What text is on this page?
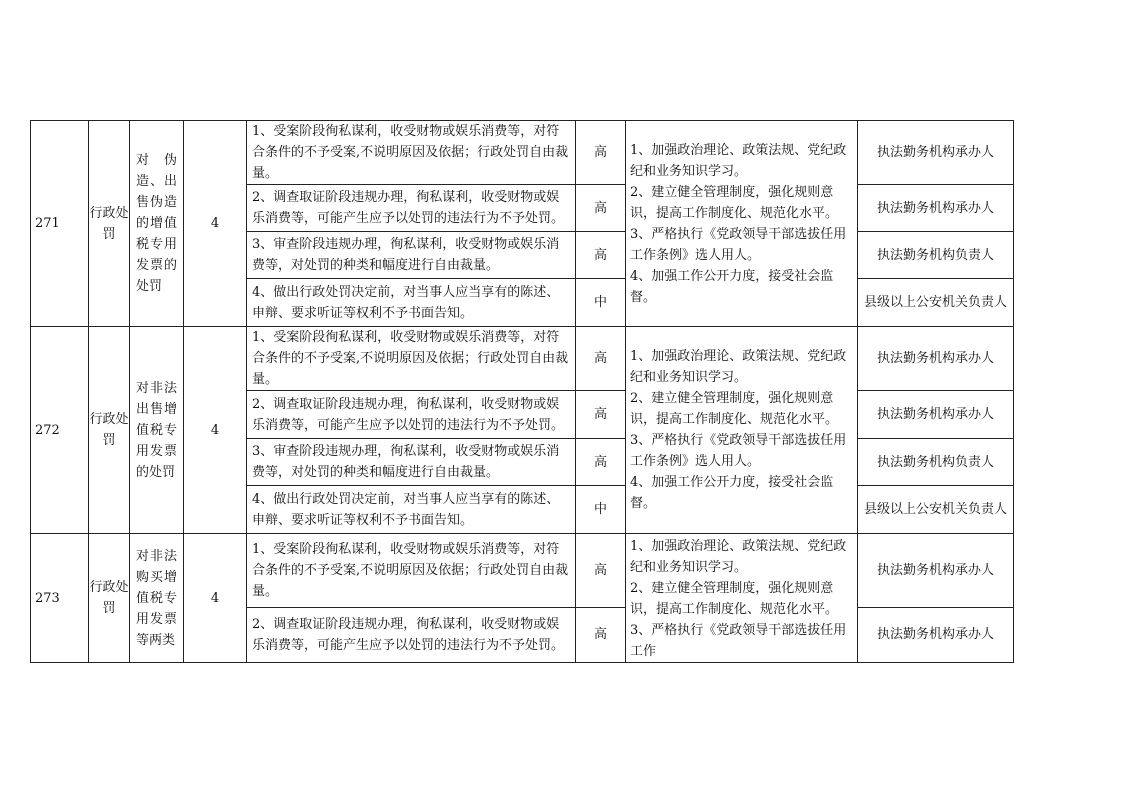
271	行政处罚	对伪造、出售伪造的增值税专用发票的处罚	4	1、受案阶段徇私谋利，收受财物或娱乐消费等，对符合条件的不予受案,不说明原因及依据；行政处罚自由裁量。	高	1、加强政治理论、政策法规、党纪政纪和业务知识学习。
2、建立健全管理制度，强化规则意识，提高工作制度化、规范化水平。
3、严格执行《党政领导干部选拔任用工作条例》选人用人。
4、加强工作公开力度，接受社会监督。	执法勤务机构承办人
				2、调查取证阶段违规办理，徇私谋利，收受财物或娱乐消费等，可能产生应予以处罚的违法行为不予处罚。	高		执法勤务机构承办人
				3、审查阶段违规办理，徇私谋利，收受财物或娱乐消费等，对处罚的种类和幅度进行自由裁量。	高		执法勤务机构负责人
				4、做出行政处罚决定前，对当事人应当享有的陈述、申辩、要求听证等权利不予书面告知。	中		县级以上公安机关负责人
272	行政处罚	对非法出售增值税专用发票的处罚	4	1、受案阶段徇私谋利，收受财物或娱乐消费等，对符合条件的不予受案,不说明原因及依据；行政处罚自由裁量。	高	1、加强政治理论、政策法规、党纪政纪和业务知识学习。
2、建立健全管理制度，强化规则意识，提高工作制度化、规范化水平。
3、严格执行《党政领导干部选拔任用工作条例》选人用人。
4、加强工作公开力度，接受社会监督。	执法勤务机构承办人
				2、调查取证阶段违规办理，徇私谋利，收受财物或娱乐消费等，可能产生应予以处罚的违法行为不予处罚。	高		执法勤务机构承办人
				3、审查阶段违规办理，徇私谋利，收受财物或娱乐消费等，对处罚的种类和幅度进行自由裁量。	高		执法勤务机构负责人
				4、做出行政处罚决定前，对当事人应当享有的陈述、申辩、要求听证等权利不予书面告知。	中		县级以上公安机关负责人
273	行政处罚	对非法购买增值税专用发票等两类	4	1、受案阶段徇私谋利，收受财物或娱乐消费等，对符合条件的不予受案,不说明原因及依据；行政处罚自由裁量。	高	1、加强政治理论、政策法规、党纪政纪和业务知识学习。
2、建立健全管理制度，强化规则意识，提高工作制度化、规范化水平。
3、严格执行《党政领导干部选拔任用工作	执法勤务机构承办人
				2、调查取证阶段违规办理，徇私谋利，收受财物或娱乐消费等，可能产生应予以处罚的违法行为不予处罚。	高		执法勤务机构承办人
